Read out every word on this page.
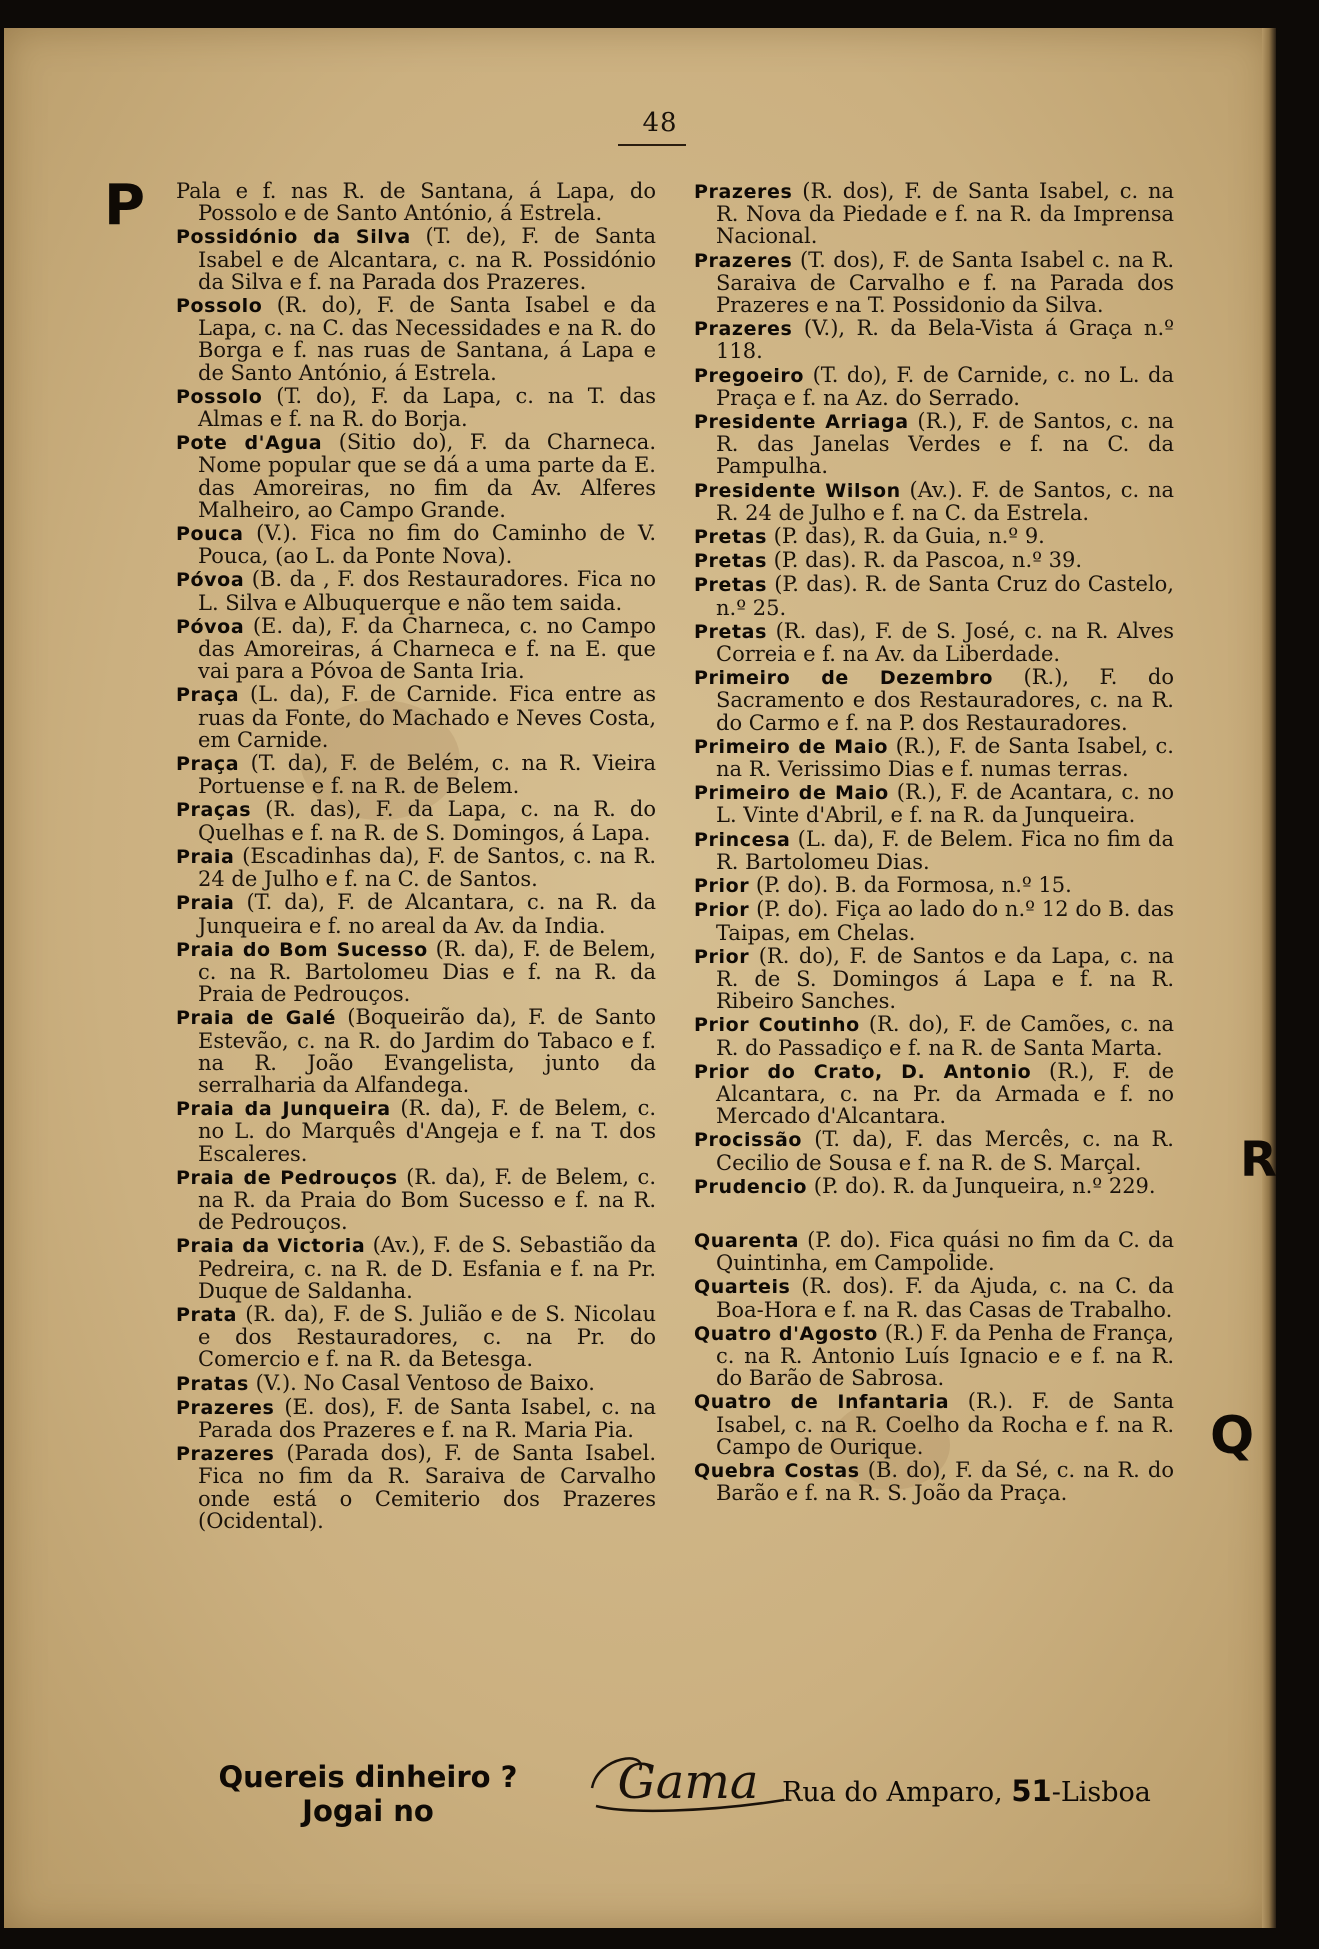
48
P
R
Q

Pala e f. nas R. de Santana, á Lapa, do Possolo e de Santo António, á Estrela.

Possidónio da Silva (T. de), F. de Santa Isabel e de Alcantara, c. na R. Possidónio da Silva e f. na Parada dos Prazeres.

Possolo (R. do), F. de Santa Isabel e da Lapa, c. na C. das Necessidades e na R. do Borga e f. nas ruas de Santana, á Lapa e de Santo António, á Estrela.

Possolo (T. do), F. da Lapa, c. na T. das Almas e f. na R. do Borja.

Pote d'Agua (Sitio do), F. da Charneca. Nome popular que se dá a uma parte da E. das Amoreiras, no fim da Av. Alferes Malheiro, ao Campo Grande.

Pouca (V.). Fica no fim do Caminho de V. Pouca, (ao L. da Ponte Nova).

Póvoa (B. da , F. dos Restauradores. Fica no L. Silva e Albuquerque e não tem saida.

Póvoa (E. da), F. da Charneca, c. no Campo das Amoreiras, á Charneca e f. na E. que vai para a Póvoa de Santa Iria.

Praça (L. da), F. de Carnide. Fica entre as ruas da Fonte, do Machado e Neves Costa, em Carnide.

Praça (T. da), F. de Belém, c. na R. Vieira Portuense e f. na R. de Belem.

Praças (R. das), F. da Lapa, c. na R. do Quelhas e f. na R. de S. Domingos, á Lapa.

Praia (Escadinhas da), F. de Santos, c. na R. 24 de Julho e f. na C. de Santos.

Praia (T. da), F. de Alcantara, c. na R. da Junqueira e f. no areal da Av. da India.

Praia do Bom Sucesso (R. da), F. de Belem, c. na R. Bartolomeu Dias e f. na R. da Praia de Pedrouços.

Praia de Galé (Boqueirão da), F. de Santo Estevão, c. na R. do Jardim do Tabaco e f. na R. João Evangelista, junto da serralharia da Alfandega.

Praia da Junqueira (R. da), F. de Belem, c. no L. do Marquês d'Angeja e f. na T. dos Escaleres.

Praia de Pedrouços (R. da), F. de Belem, c. na R. da Praia do Bom Sucesso e f. na R. de Pedrouços.

Praia da Victoria (Av.), F. de S. Sebastião da Pedreira, c. na R. de D. Esfania e f. na Pr. Duque de Saldanha.

Prata (R. da), F. de S. Julião e de S. Nicolau e dos Restauradores, c. na Pr. do Comercio e f. na R. da Betesga.

Pratas (V.). No Casal Ventoso de Baixo.

Prazeres (E. dos), F. de Santa Isabel, c. na Parada dos Prazeres e f. na R. Maria Pia.

Prazeres (Parada dos), F. de Santa Isabel. Fica no fim da R. Saraiva de Carvalho onde está o Cemiterio dos Prazeres (Ocidental).

Prazeres (R. dos), F. de Santa Isabel, c. na R. Nova da Piedade e f. na R. da Imprensa Nacional.

Prazeres (T. dos), F. de Santa Isabel c. na R. Saraiva de Carvalho e f. na Parada dos Prazeres e na T. Possidonio da Silva.

Prazeres (V.), R. da Bela-Vista á Graça n.º 118.

Pregoeiro (T. do), F. de Carnide, c. no L. da Praça e f. na Az. do Serrado.

Presidente Arriaga (R.), F. de Santos, c. na R. das Janelas Verdes e f. na C. da Pampulha.

Presidente Wilson (Av.). F. de Santos, c. na R. 24 de Julho e f. na C. da Estrela.

Pretas (P. das), R. da Guia, n.º 9.

Pretas (P. das). R. da Pascoa, n.º 39.

Pretas (P. das). R. de Santa Cruz do Castelo, n.º 25.

Pretas (R. das), F. de S. José, c. na R. Alves Correia e f. na Av. da Liberdade.

Primeiro de Dezembro (R.), F. do Sacramento e dos Restauradores, c. na R. do Carmo e f. na P. dos Restauradores.

Primeiro de Maio (R.), F. de Santa Isabel, c. na R. Verissimo Dias e f. numas terras.

Primeiro de Maio (R.), F. de Acantara, c. no L. Vinte d'Abril, e f. na R. da Junqueira.

Princesa (L. da), F. de Belem. Fica no fim da R. Bartolomeu Dias.

Prior (P. do). B. da Formosa, n.º 15.

Prior (P. do). Fiça ao lado do n.º 12 do B. das Taipas, em Chelas.

Prior (R. do), F. de Santos e da Lapa, c. na R. de S. Domingos á Lapa e f. na R. Ribeiro Sanches.

Prior Coutinho (R. do), F. de Camões, c. na R. do Passadiço e f. na R. de Santa Marta.

Prior do Crato, D. Antonio (R.), F. de Alcantara, c. na Pr. da Armada e f. no Mercado d'Alcantara.

Procissão (T. da), F. das Mercês, c. na R. Cecilio de Sousa e f. na R. de S. Marçal.

Prudencio (P. do). R. da Junqueira, n.º 229.

Quarenta (P. do). Fica quási no fim da C. da Quintinha, em Campolide.

Quarteis (R. dos). F. da Ajuda, c. na C. da Boa-Hora e f. na R. das Casas de Trabalho.

Quatro d'Agosto (R.) F. da Penha de França, c. na R. Antonio Luís Ignacio e e f. na R. do Barão de Sabrosa.

Quatro de Infantaria (R.). F. de Santa Isabel, c. na R. Coelho da Rocha e f. na R. Campo de Ourique.

Quebra Costas (B. do), F. da Sé, c. na R. do Barão e f. na R. S. João da Praça.

Quereis dinheiro ?
Jogai no
Gama Rua do Amparo, 51-Lisboa
